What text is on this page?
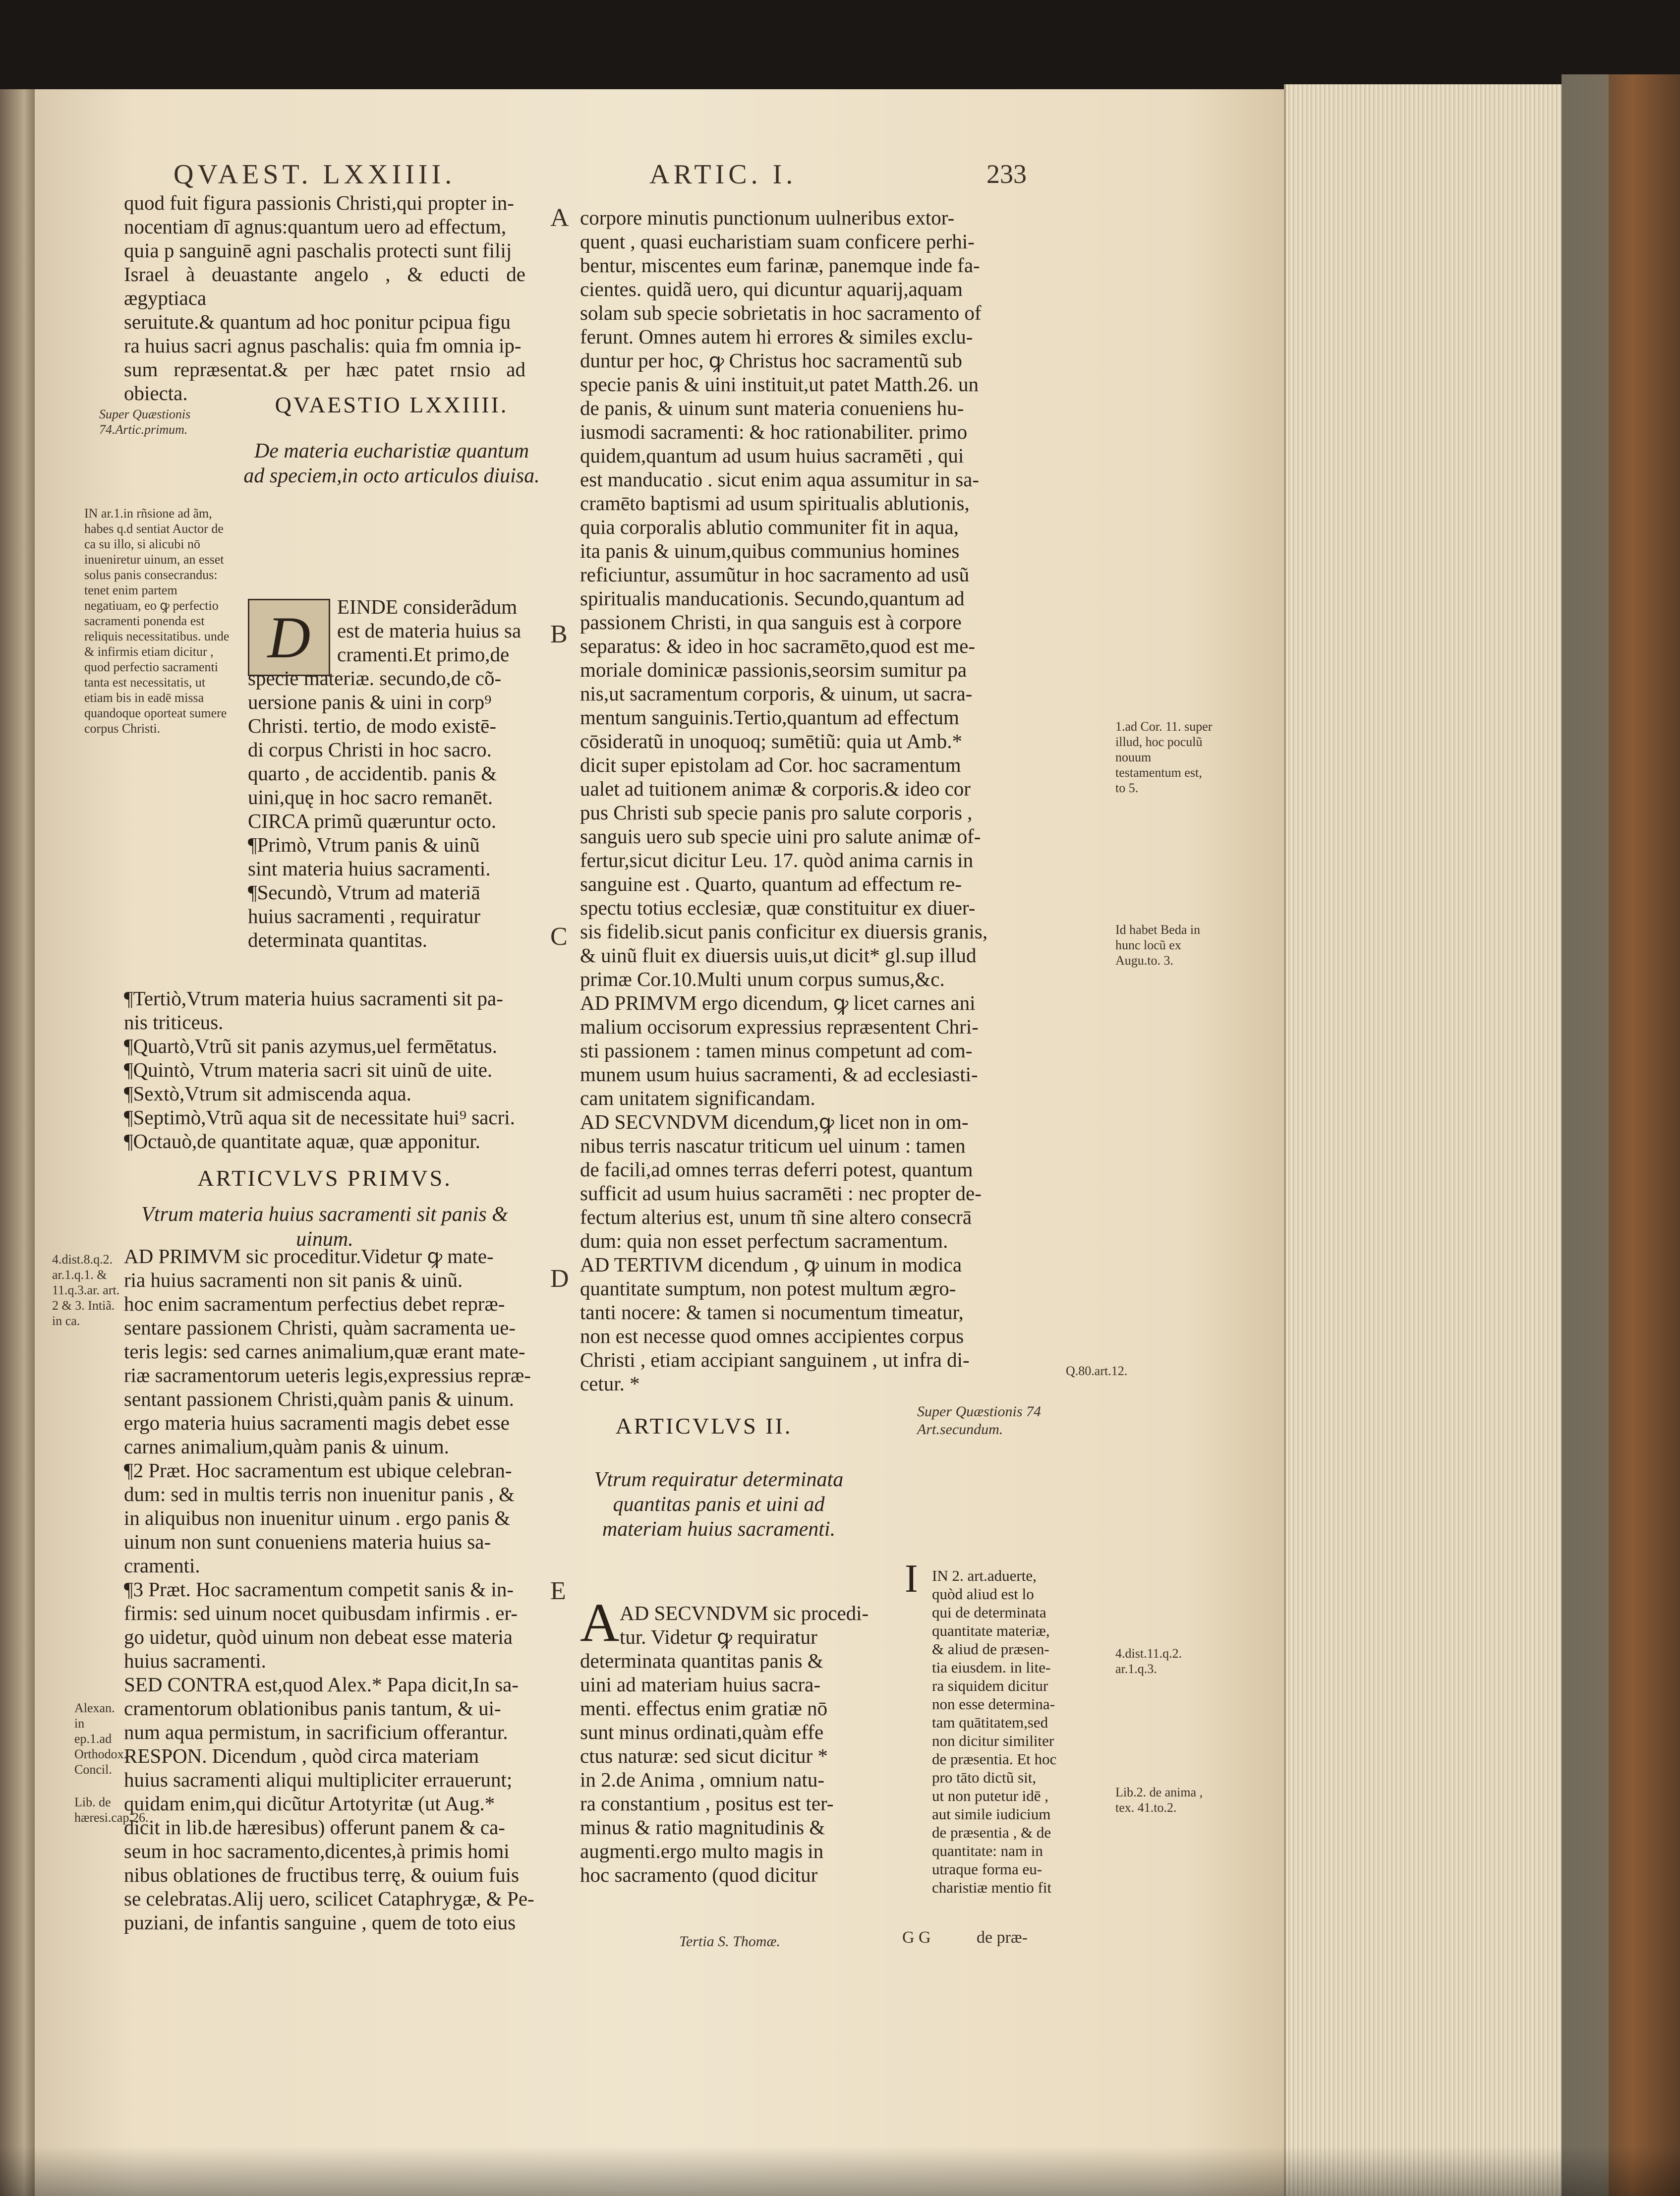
QVAEST. LXXIIII.	ARTIC. I.	233

quod fuit figura passionis Christi,qui propter in-

nocentiam dī agnus:quantum uero ad effectum,

quia p sanguinē agni paschalis protecti sunt filij

Israel à deuastante angelo , & educti de ægyptiaca

seruitute.& quantum ad hoc ponitur pcipua figu

ra huius sacri agnus paschalis: quia fm omnia ip-

sum repræsentat.& per hæc patet rnsio ad obiecta.

Super Quæstionis 74.Artic.primum.
QVAESTIO LXXIIII.
De materia eucharistiæ quantum ad speciem,in octo articulos diuisa.
IN ar.1.in rñsione ad ãm, habes q.d sentiat Auctor de ca su illo, si alicubi nō inueniretur uinum, an esset solus panis consecrandus: tenet enim partem negatiuam, eo ꝙ perfectio sacramenti ponenda est reliquis necessitatibus. unde & infirmis etiam dicitur , quod perfectio sacramenti tanta est necessitatis, ut etiam bis in eadē missa quandoque oporteat sumere corpus Christi.
D	EINDE considerãdum

est de materia huius sa

cramenti.Et primo,de

specie materiæ. secundo,de cõ-

uersione panis & uini in corp⁹

Christi. tertio, de modo existē-

di corpus Christi in hoc sacro.

quarto , de accidentib. panis &

uini,quę in hoc sacro remanēt.

CIRCA primũ quæruntur octo.

¶Primò, Vtrum panis & uinũ

sint materia huius sacramenti.

¶Secundò, Vtrum ad materiā

huius sacramenti , requiratur

determinata quantitas.

¶Tertiò,Vtrum materia huius sacramenti sit pa-

nis triticeus.

¶Quartò,Vtrũ sit panis azymus,uel fermētatus.

¶Quintò, Vtrum materia sacri sit uinũ de uite.

¶Sextò,Vtrum sit admiscenda aqua.

¶Septimò,Vtrũ aqua sit de necessitate hui⁹ sacri.

¶Octauò,de quantitate aquæ, quæ apponitur.

ARTICVLVS PRIMVS.
Vtrum materia huius sacramenti sit panis & uinum.
4.dist.8.q.2. ar.1.q.1. & 11.q.3.ar. art. 2 & 3. Intiã. in ca.

AD PRIMVM sic proceditur.Videtur ꝙ mate-

ria huius sacramenti non sit panis & uinũ.

hoc enim sacramentum perfectius debet repræ-

sentare passionem Christi, quàm sacramenta ue-

teris legis: sed carnes animalium,quæ erant mate-

riæ sacramentorum ueteris legis,expressius repræ-

sentant passionem Christi,quàm panis & uinum.

ergo materia huius sacramenti magis debet esse

carnes animalium,quàm panis & uinum.

¶2 Præt. Hoc sacramentum est ubique celebran-

dum: sed in multis terris non inuenitur panis , &

in aliquibus non inuenitur uinum . ergo panis &

uinum non sunt conueniens materia huius sa-

cramenti.

¶3 Præt. Hoc sacramentum competit sanis & in-

firmis: sed uinum nocet quibusdam infirmis . er-

go uidetur, quòd uinum non debeat esse materia

huius sacramenti.

SED CONTRA est,quod Alex.* Papa dicit,In sa-

cramentorum oblationibus panis tantum, & ui-

num aqua permistum, in sacrificium offerantur.

RESPON. Dicendum , quòd circa materiam

huius sacramenti aliqui multipliciter errauerunt;

quidam enim,qui dicũtur Artotyritæ (ut Aug.*

dicit in lib.de hæresibus) offerunt panem & ca-

seum in hoc sacramento,dicentes,à primis homi

nibus oblationes de fructibus terrę, & ouium fuis

se celebratas.Alij uero, scilicet Cataphrygæ, & Pe-

puziani, de infantis sanguine , quem de toto eius

Alexan. in ep.1.ad Orthodox. Concil.
Lib. de hæresi.cap.26.
A
B
C
D
E

corpore minutis punctionum uulneribus extor-

quent , quasi eucharistiam suam conficere perhi-

bentur, miscentes eum farinæ, panemque inde fa-

cientes. quidã uero, qui dicuntur aquarij,aquam

solam sub specie sobrietatis in hoc sacramento of

ferunt. Omnes autem hi errores & similes exclu-

duntur per hoc, ꝙ Christus hoc sacramentũ sub

specie panis & uini instituit,ut patet Matth.26. un

de panis, & uinum sunt materia conueniens hu-

iusmodi sacramenti: & hoc rationabiliter. primo

quidem,quantum ad usum huius sacramēti , qui

est manducatio . sicut enim aqua assumitur in sa-

cramēto baptismi ad usum spiritualis ablutionis,

quia corporalis ablutio communiter fit in aqua,

ita panis & uinum,quibus communius homines

reficiuntur, assumũtur in hoc sacramento ad usũ

spiritualis manducationis. Secundo,quantum ad

passionem Christi, in qua sanguis est à corpore

separatus: & ideo in hoc sacramēto,quod est me-

moriale dominicæ passionis,seorsim sumitur pa

nis,ut sacramentum corporis, & uinum, ut sacra-

mentum sanguinis.Tertio,quantum ad effectum

cōsideratũ in unoquoq; sumētiũ: quia ut Amb.*

dicit super epistolam ad Cor. hoc sacramentum

ualet ad tuitionem animæ & corporis.& ideo cor

pus Christi sub specie panis pro salute corporis ,

sanguis uero sub specie uini pro salute animæ of-

fertur,sicut dicitur Leu. 17. quòd anima carnis in

sanguine est . Quarto, quantum ad effectum re-

spectu totius ecclesiæ, quæ constituitur ex diuer-

sis fidelib.sicut panis conficitur ex diuersis granis,

& uinũ fluit ex diuersis uuis,ut dicit* gl.sup illud

primæ Cor.10.Multi unum corpus sumus,&c.

AD PRIMVM ergo dicendum, ꝙ licet carnes ani

malium occisorum expressius repræsentent Chri-

sti passionem : tamen minus competunt ad com-

munem usum huius sacramenti, & ad ecclesiasti-

cam unitatem significandam.

AD SECVNDVM dicendum,ꝙ licet non in om-

nibus terris nascatur triticum uel uinum : tamen

de facili,ad omnes terras deferri potest, quantum

sufficit ad usum huius sacramēti : nec propter de-

fectum alterius est, unum tñ sine altero consecrā

dum: quia non esset perfectum sacramentum.

AD TERTIVM dicendum , ꝙ uinum in modica

quantitate sumptum, non potest multum ægro-

tanti nocere: & tamen si nocumentum timeatur,

non est necesse quod omnes accipientes corpus

Christi , etiam accipiant sanguinem , ut infra di-

cetur. *

1.ad Cor. 11. super illud, hoc poculũ nouum testamentum est, to 5.
Id habet Beda in hunc locũ ex Augu.to. 3.
Q.80.art.12.
4.dist.11.q.2. ar.1.q.3.
Lib.2. de anima , tex. 41.to.2.
ARTICVLVS II.
Vtrum requiratur determinata quantitas panis et uini ad materiam huius sacramenti.
Super Quæstionis 74 Art.secundum.
A AD SECVNDVM sic procedi-

tur. Videtur ꝙ requiratur

determinata quantitas panis &

uini ad materiam huius sacra-

menti. effectus enim gratiæ nō

sunt minus ordinati,quàm effe

ctus naturæ: sed sicut dicitur *

in 2.de Anima , omnium natu-

ra constantium , positus est ter-

minus & ratio magnitudinis &

augmenti.ergo multo magis in

hoc sacramento (quod dicitur

I IN 2. art.aduerte,

quòd aliud est lo

qui de determinata

quantitate materiæ,

& aliud de præsen-

tia eiusdem. in lite-

ra siquidem dicitur

non esse determina-

tam quātitatem,sed

non dicitur similiter

de præsentia. Et hoc

pro tāto dictũ sit,

ut non putetur idē ,

aut simile iudicium

de præsentia , & de

quantitate: nam in

utraque forma eu-

charistiæ mentio fit

Tertia S. Thomæ.	G G	de præ-
